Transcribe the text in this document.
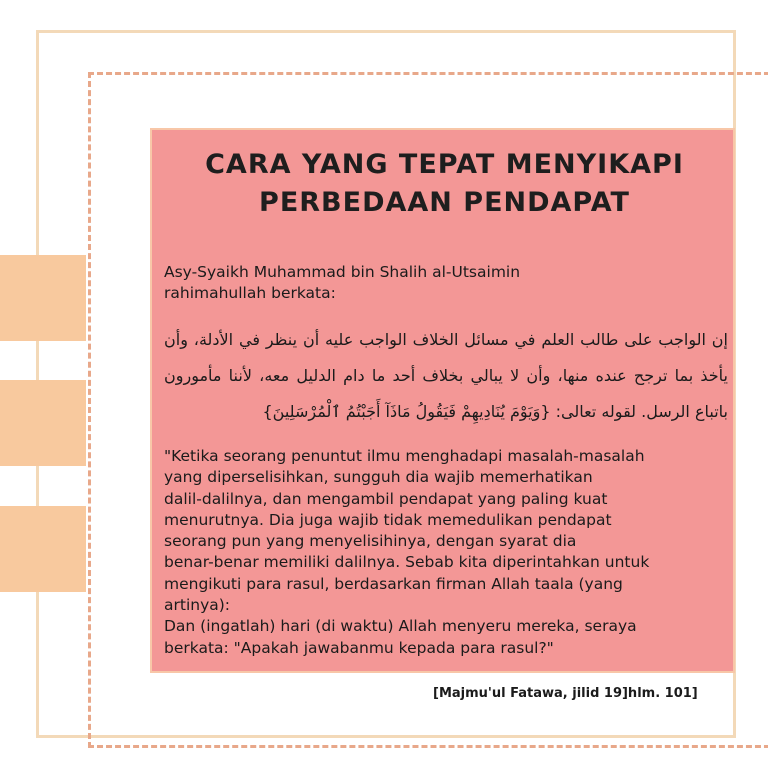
CARA YANG TEPAT MENYIKAPI
PERBEDAAN PENDAPAT
Asy-Syaikh Muhammad bin Shalih al-Utsaimin
rahimahullah berkata:
إن الواجب على طالب العلم في مسائل الخلاف الواجب عليه أن ينظر في الأدلة، وأن يأخذ بما ترجح عنده منها، وأن لا يبالي بخلاف أحد ما دام الدليل معه، لأننا مأمورون باتباع الرسل. لقوله تعالى: {وَيَوْمَ يُنَادِيهِمْ فَيَقُولُ مَاذَآ أَجَبْتُمُ ٱلْمُرْسَلِينَ}
"Ketika seorang penuntut ilmu menghadapi masalah-masalah
yang diperselisihkan, sungguh dia wajib memerhatikan
dalil-dalilnya, dan mengambil pendapat yang paling kuat
menurutnya. Dia juga wajib tidak memedulikan pendapat
seorang pun yang menyelisihinya, dengan syarat dia
benar-benar memiliki dalilnya. Sebab kita diperintahkan untuk
mengikuti para rasul, berdasarkan firman Allah taala (yang
artinya):
Dan (ingatlah) hari (di waktu) Allah menyeru mereka, seraya
berkata: "Apakah jawabanmu kepada para rasul?"
[Majmu'ul Fatawa, jilid 19]hlm. 101]
